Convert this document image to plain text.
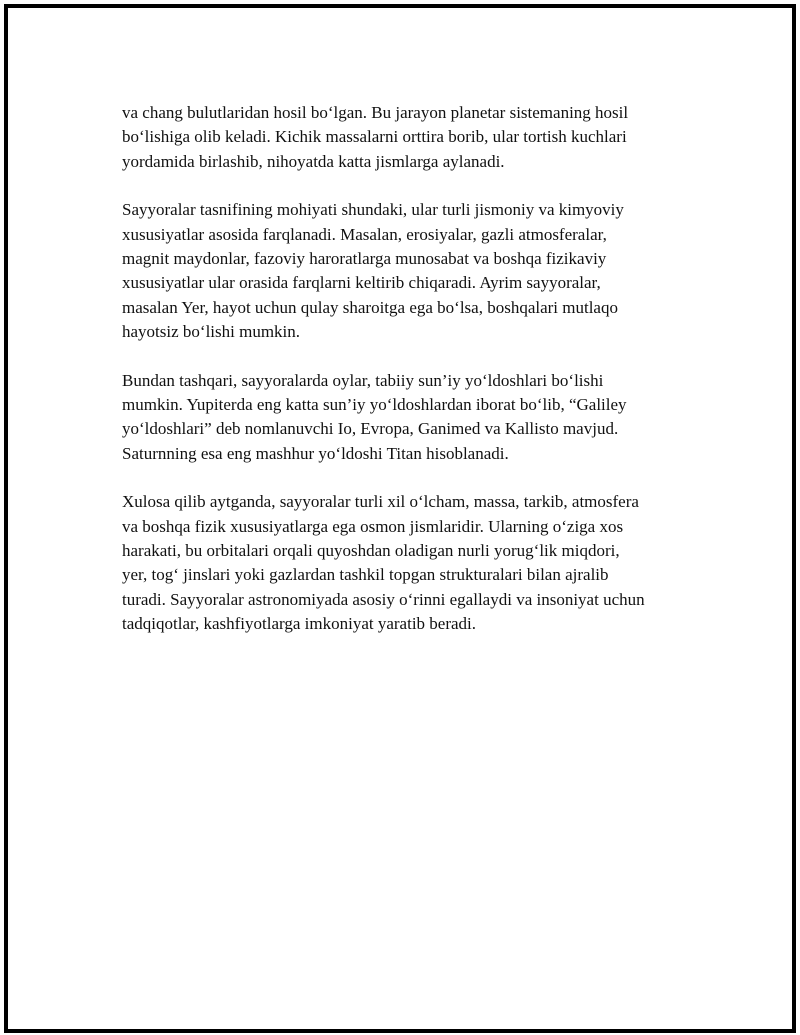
va chang bulutlaridan hosil bo‘lgan. Bu jarayon planetar sistemaning hosil
bo‘lishiga olib keladi. Kichik massalarni orttira borib, ular tortish kuchlari
yordamida birlashib, nihoyatda katta jismlarga aylanadi.

Sayyoralar tasnifining mohiyati shundaki, ular turli jismoniy va kimyoviy
xususiyatlar asosida farqlanadi. Masalan, erosiyalar, gazli atmosferalar,
magnit maydonlar, fazoviy haroratlarga munosabat va boshqa fizikaviy
xususiyatlar ular orasida farqlarni keltirib chiqaradi. Ayrim sayyoralar,
masalan Yer, hayot uchun qulay sharoitga ega bo‘lsa, boshqalari mutlaqo
hayotsiz bo‘lishi mumkin.

Bundan tashqari, sayyoralarda oylar, tabiiy sun’iy yo‘ldoshlari bo‘lishi
mumkin. Yupiterda eng katta sun’iy yo‘ldoshlardan iborat bo‘lib, “Galiley
yo‘ldoshlari” deb nomlanuvchi Io, Evropa, Ganimed va Kallisto mavjud.
Saturnning esa eng mashhur yo‘ldoshi Titan hisoblanadi.

Xulosa qilib aytganda, sayyoralar turli xil o‘lcham, massa, tarkib, atmosfera
va boshqa fizik xususiyatlarga ega osmon jismlaridir. Ularning o‘ziga xos
harakati, bu orbitalari orqali quyoshdan oladigan nurli yorug‘lik miqdori,
yer, tog‘ jinslari yoki gazlardan tashkil topgan strukturalari bilan ajralib
turadi. Sayyoralar astronomiyada asosiy o‘rinni egallaydi va insoniyat uchun
tadqiqotlar, kashfiyotlarga imkoniyat yaratib beradi.
